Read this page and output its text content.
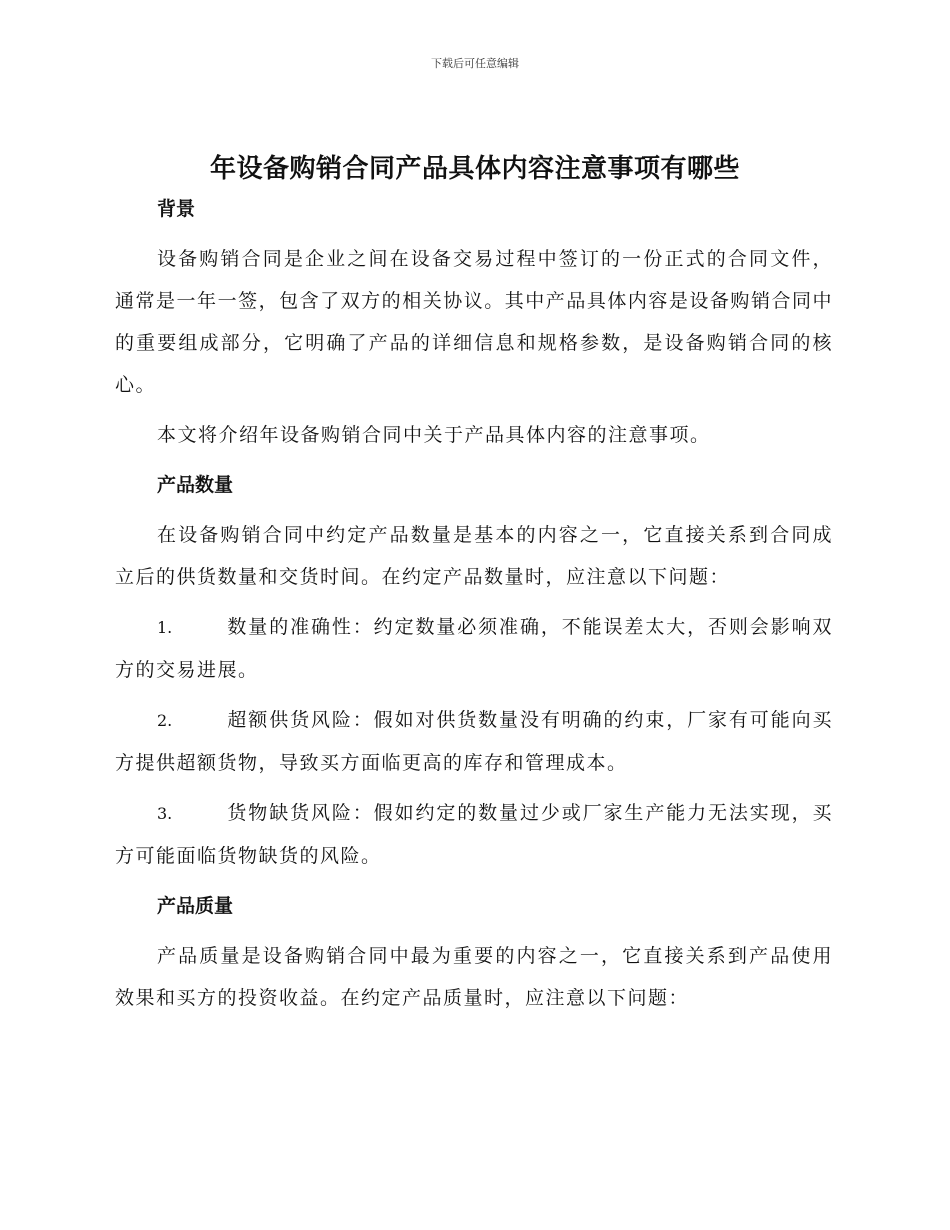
下载后可任意编辑
年设备购销合同产品具体内容注意事项有哪些
背景

设备购销合同是企业之间在设备交易过程中签订的一份正式的合同文件，通常是一年一签，包含了双方的相关协议。其中产品具体内容是设备购销合同中的重要组成部分，它明确了产品的详细信息和规格参数，是设备购销合同的核心。

本文将介绍年设备购销合同中关于产品具体内容的注意事项。

产品数量

在设备购销合同中约定产品数量是基本的内容之一，它直接关系到合同成立后的供货数量和交货时间。在约定产品数量时，应注意以下问题：

1.	数量的准确性：约定数量必须准确，不能误差太大，否则会影响双方的交易进展。

2.	超额供货风险：假如对供货数量没有明确的约束，厂家有可能向买方提供超额货物，导致买方面临更高的库存和管理成本。

3.	货物缺货风险：假如约定的数量过少或厂家生产能力无法实现，买方可能面临货物缺货的风险。

产品质量

产品质量是设备购销合同中最为重要的内容之一，它直接关系到产品使用效果和买方的投资收益。在约定产品质量时，应注意以下问题：
